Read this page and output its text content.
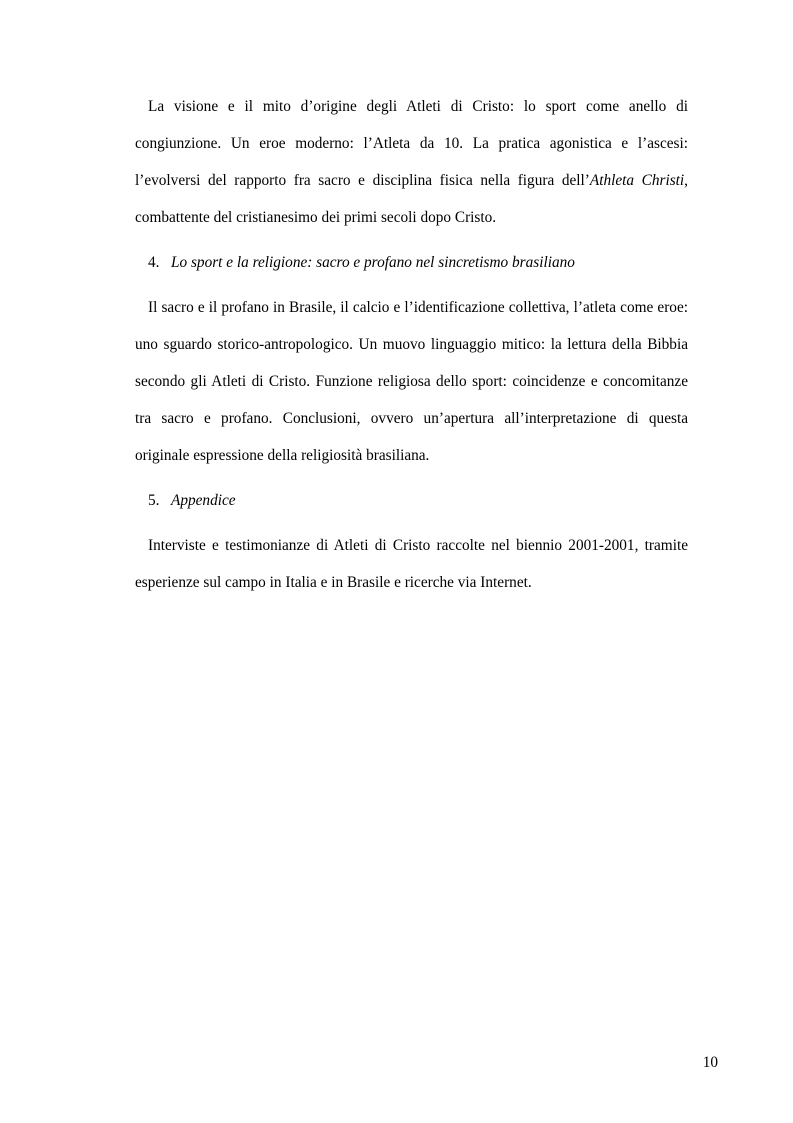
La visione e il mito d’origine degli Atleti di Cristo: lo sport come anello di congiunzione. Un eroe moderno: l’Atleta da 10. La pratica agonistica e l’ascesi: l’evolversi del rapporto fra sacro e disciplina fisica nella figura dell’Athleta Christi, combattente del cristianesimo dei primi secoli dopo Cristo.

4. Lo sport e la religione: sacro e profano nel sincretismo brasiliano

Il sacro e il profano in Brasile, il calcio e l’identificazione collettiva, l’atleta come eroe: uno sguardo storico-antropologico. Un muovo linguaggio mitico: la lettura della Bibbia secondo gli Atleti di Cristo. Funzione religiosa dello sport: coincidenze e concomitanze tra sacro e profano. Conclusioni, ovvero un’apertura all’interpretazione di questa originale espressione della religiosità brasiliana.

5. Appendice

Interviste e testimonianze di Atleti di Cristo raccolte nel biennio 2001-2001, tramite esperienze sul campo in Italia e in Brasile e ricerche via Internet.

10
